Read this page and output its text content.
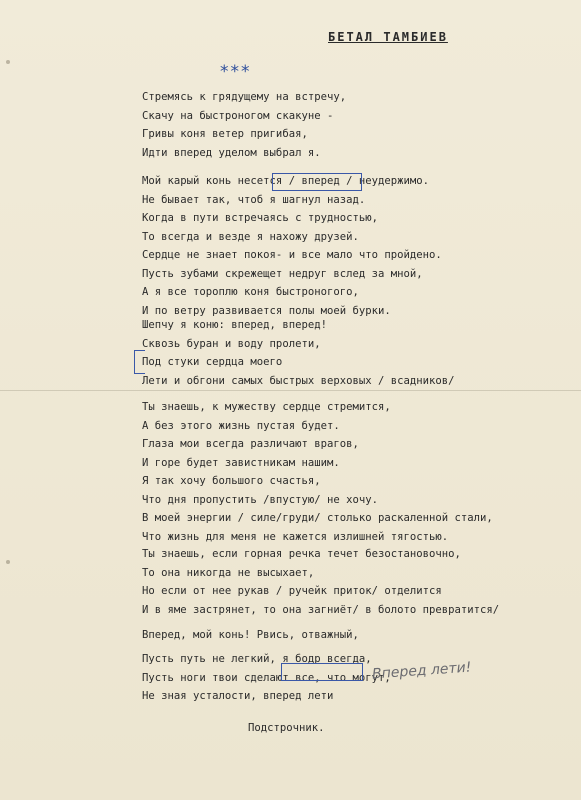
БЕТАЛ ТАМБИЕВ
***
Стремясь к грядущему на встречу,
Скачу на быстроногом скакуне -
Гривы коня ветер пригибая,
Идти вперед уделом выбрал я.
Мой карый конь несется / вперед / неудержимо.
Не бывает так, чтоб я шагнул назад.
Когда в пути встречаясь с трудностью,
То всегда и везде я нахожу друзей.
Сердце не знает покоя- и все мало что пройдено.
Пусть зубами скрежещет недруг вслед за мной,
А я все тороплю коня быстроногого,
И по ветру развивается полы моей бурки.
Шепчу я коню: вперед, вперед!
Сквозь буран и воду пролети,
Под стуки сердца моего
Лети и обгони самых быстрых верховых / всадников/
Ты знаешь, к мужеству сердце стремится,
А без этого жизнь пустая будет.
Глаза мои всегда различают врагов,
И горе будет завистникам нашим.
Я так хочу большого счастья,
Что дня пропустить /впустую/ не хочу.
В моей энергии / силе/груди/ столько раскаленной стали,
Что жизнь для меня не кажется излишней тягостью.
Ты знаешь, если горная речка течет безостановочно,
То она никогда не высыхает,
Но если от нее рукав / ручейк приток/ отделится
И в яме застрянет, то она загниёт/ в болото превратится/
Вперед, мой конь! Рвись, отважный,
Пусть путь не легкий, я бодр всегда,
Пусть ноги твои сделают все, что могут,
Не зная усталости, вперед лети
Вперед лети!
Подстрочник.
